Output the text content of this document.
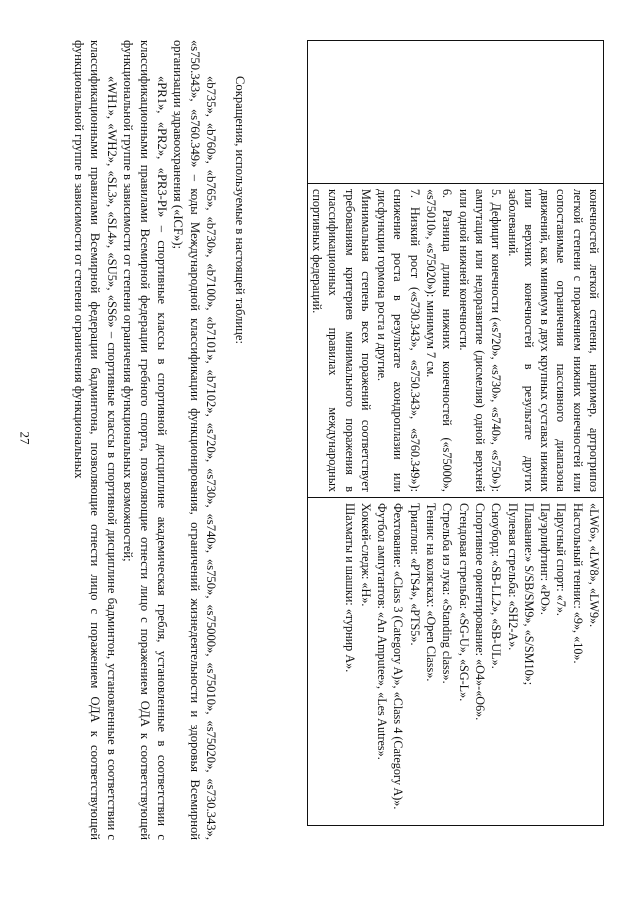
27
		конечностей легкой степени, например, артрогрипоз легкой степени с поражением нижних конечностей или сопоставимые ограничения пассивного диапазона движений, как минимум в двух крупных суставах нижних или верхних конечностей в результате других заболеваний.
5. Дефицит конечности («s720», «s730», «s740», «s750»): ампутация или недоразвитие (дисмелия) одной верхней или одной нижней конечности.
6. Разница длины нижних конечностей («s75000», «s75010», «s75020»): минимум 7 см.
7. Низкий рост («s730.343», «s750.343», «s760.349»): снижение роста в результате ахондроплазии или дисфункции гормона роста и другие.
Минимальная степень всех поражений соответствует требованиям критериев минимального поражения в классификационных правилах международных спортивных федераций.

«LW6», «LW8», «LW9».
Настольный теннис: «9», «10».
Парусный спорт: «7».
Пауэрлифтинг: «PO».
Плавание:» S/SB/SM9», «S/SM10»;
Пулевая стрельба: «SH2-A».
Сноуборд: «SB-LL2», «SB-UL».
Спортивное ориентирование: «O4»-«O6».
Стендовая стрельба: «SG-U», «SG-L».
Стрельба из лука: «Standing class».
Теннис на колясках: «Open Class».
Триатлон: «PTS4», «PTS5».
Фехтование: «Class 3 (Category A)», «Class 4 (Category A)».
Футбол ампутантов: «An Amputee», «Les Autres».
Хоккей-следж: «H».
Шахматы и шашки: «турнир A».

Сокращения, используемые в настоящей таблице:

«b735», «b760», «b765», «b730», «b7100», «b7101», «b7102», «s720», «s730», «s740», «s750», «s75000», «s75010», «s75020», «s730.343», «s750.343», «s760.349» – коды Международной классификации функционирования, ограничений жизнедеятельности и здоровья Всемирной организации здравоохранения («ICF»);

«PR1», «PR2», «PR3-PI» – спортивные классы в спортивной дисциплине академическая гребля, установленные в соответствии с классификационными правилами Всемирной федерации гребного спорта, позволяющие отнести лицо с поражением ОДА к соответствующей функциональной группе в зависимости от степени ограничения функциональных возможностей;

«WH1», «WH2», «SL3», «SL4», «SU5», «SS6» – спортивные классы в спортивной дисциплине бадминтон, установленные в соответствии с классификационными правилами Всемирной федерации бадминтона, позволяющие отнести лицо с поражением ОДА к соответствующей функциональной группе в зависимости от степени ограничения функциональных
